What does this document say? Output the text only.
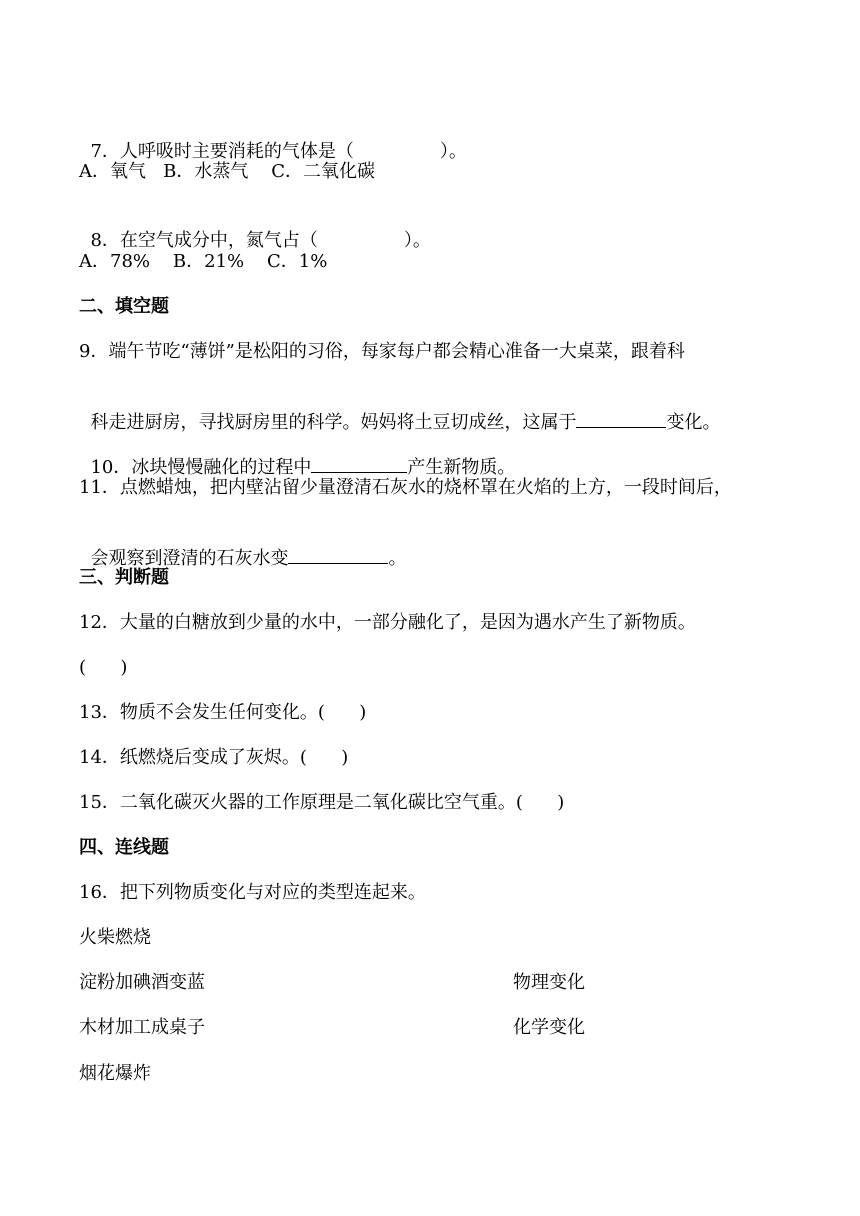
7．人呼吸时主要消耗的气体是（	）。

A．氧气   B．水蒸气    C．二氧化碳

8．在空气成分中，氮气占（	）。

A．78%    B．21%    C．1%
二、填空题
9．端午节吃“薄饼”是松阳的习俗，每家每户都会精心准备一大桌菜，跟着科

科走进厨房，寻找厨房里的科学。妈妈将土豆切成丝，这属于	变化。

10．冰块慢慢融化的过程中	产生新物质。

11．点燃蜡烛，把内壁沾留少量澄清石灰水的烧杯罩在火焰的上方，一段时间后，

会观察到澄清的石灰水变	。

三、判断题
12．大量的白糖放到少量的水中，一部分融化了，是因为遇水产生了新物质。
(      )
13．物质不会发生任何变化。(      )
14．纸燃烧后变成了灰烬。(      )
15．二氧化碳灭火器的工作原理是二氧化碳比空气重。(      )
四、连线题
16．把下列物质变化与对应的类型连起来。
火柴燃烧
淀粉加碘酒变蓝
木材加工成桌子
烟花爆炸
物理变化
化学变化
